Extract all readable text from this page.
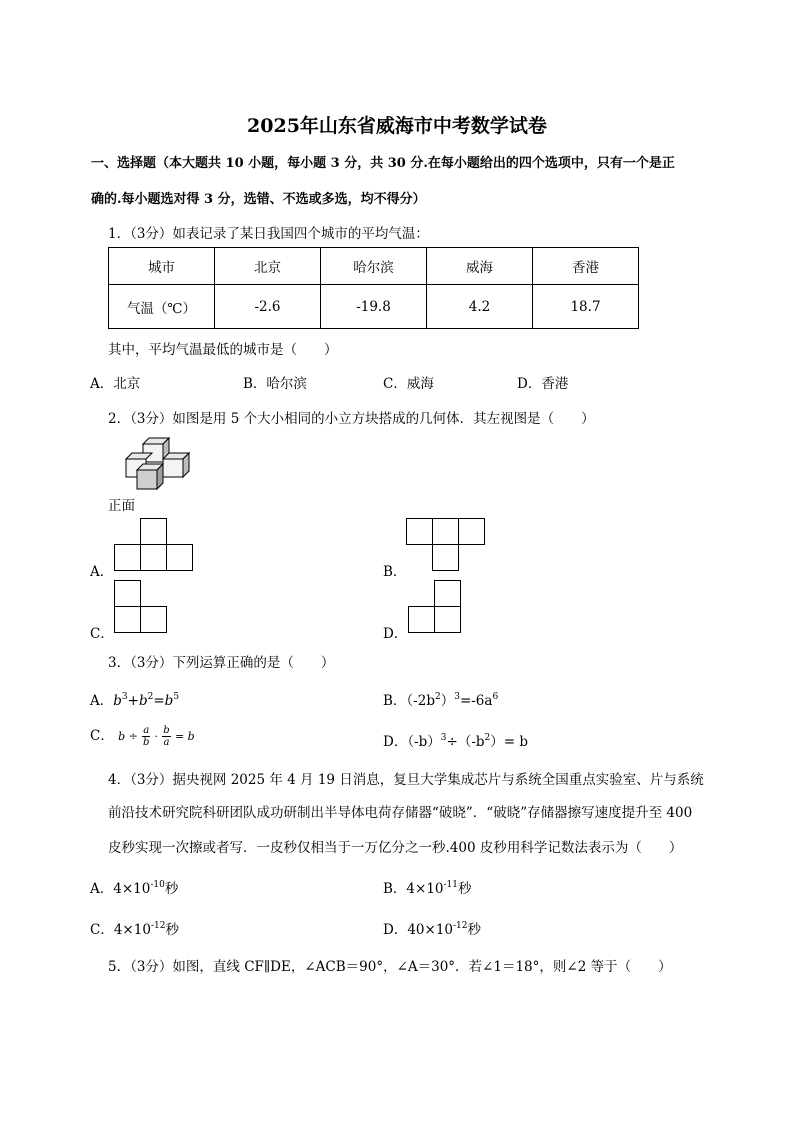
2025年山东省威海市中考数学试卷
一、选择题（本大题共 10 小题，每小题 3 分，共 30 分.在每小题给出的四个选项中，只有一个是正
确的.每小题选对得 3 分，选错、不选或多选，均不得分）
1．（3分）如表记录了某日我国四个城市的平均气温：
城市	北京	哈尔滨	威海	香港
气温（℃）	-2.6	-19.8	4.2	18.7
其中，平均气温最低的城市是（　　）
A．北京	B．哈尔滨	C．威海	D．香港
2．（3分）如图是用 5 个大小相同的小立方块搭成的几何体．其左视图是（　　）
正面
A．	B．
C．	D．
3．（3分）下列运算正确的是（　　）
A．$b^3+b^2=b^5$	B．$(-2b^2)^3=-6a^6$
C． $b \div \frac{a}{b} \cdot \frac{b}{a} = b$	D．$(-b)^3\div(-b^2)= b$
4．（3分）据央视网 2025 年 4 月 19 日消息，复旦大学集成芯片与系统全国重点实验室、片与系统
前沿技术研究院科研团队成功研制出半导体电荷存储器“破晓”．“破晓”存储器擦写速度提升至 400
皮秒实现一次擦或者写．一皮秒仅相当于一万亿分之一秒.400 皮秒用科学记数法表示为（　　）
A．$4\times 10^{-10}$秒	B．$4\times 10^{-11}$秒
C．$4\times 10^{-12}$秒	D．$40\times 10^{-12}$秒
5．（3分）如图，直线 CF∥DE，∠ACB＝90°，∠A＝30°．若∠1＝18°，则∠2 等于（　　）
